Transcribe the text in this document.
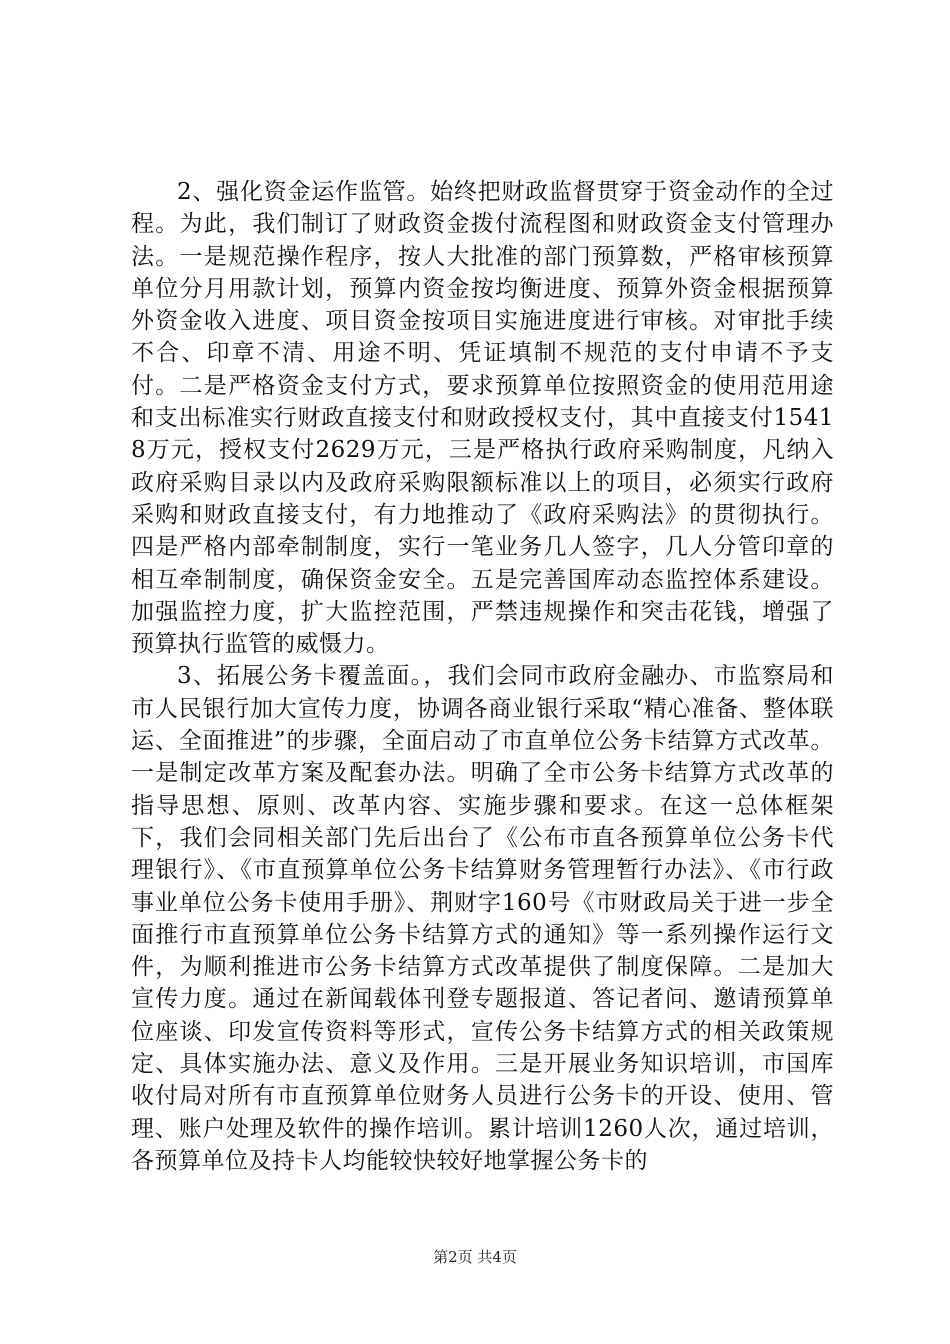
2、强化资金运作监管。始终把财政监督贯穿于资金动作的全过程。为此，我们制订了财政资金拨付流程图和财政资金支付管理办法。一是规范操作程序，按人大批准的部门预算数，严格审核预算单位分月用款计划，预算内资金按均衡进度、预算外资金根据预算外资金收入进度、项目资金按项目实施进度进行审核。对审批手续不合、印章不清、用途不明、凭证填制不规范的支付申请不予支付。二是严格资金支付方式，要求预算单位按照资金的使用范用途和支出标准实行财政直接支付和财政授权支付，其中直接支付15418万元，授权支付2629万元，三是严格执行政府采购制度，凡纳入政府采购目录以内及政府采购限额标准以上的项目，必须实行政府采购和财政直接支付，有力地推动了《政府采购法》的贯彻执行。四是严格内部牵制制度，实行一笔业务几人签字，几人分管印章的相互牵制制度，确保资金安全。五是完善国库动态监控体系建设。加强监控力度，扩大监控范围，严禁违规操作和突击花钱，增强了预算执行监管的威慑力。

3、拓展公务卡覆盖面。，我们会同市政府金融办、市监察局和市人民银行加大宣传力度，协调各商业银行采取“精心准备、整体联运、全面推进”的步骤，全面启动了市直单位公务卡结算方式改革。一是制定改革方案及配套办法。明确了全市公务卡结算方式改革的指导思想、原则、改革内容、实施步骤和要求。在这一总体框架下，我们会同相关部门先后出台了《公布市直各预算单位公务卡代理银行》、《市直预算单位公务卡结算财务管理暂行办法》、《市行政事业单位公务卡使用手册》、荆财字160号《市财政局关于进一步全面推行市直预算单位公务卡结算方式的通知》等一系列操作运行文件，为顺利推进市公务卡结算方式改革提供了制度保障。二是加大宣传力度。通过在新闻载体刊登专题报道、答记者问、邀请预算单位座谈、印发宣传资料等形式，宣传公务卡结算方式的相关政策规定、具体实施办法、意义及作用。三是开展业务知识培训，市国库收付局对所有市直预算单位财务人员进行公务卡的开设、使用、管理、账户处理及软件的操作培训。累计培训1260人次，通过培训，各预算单位及持卡人均能较快较好地掌握公务卡的

第2页 共4页
